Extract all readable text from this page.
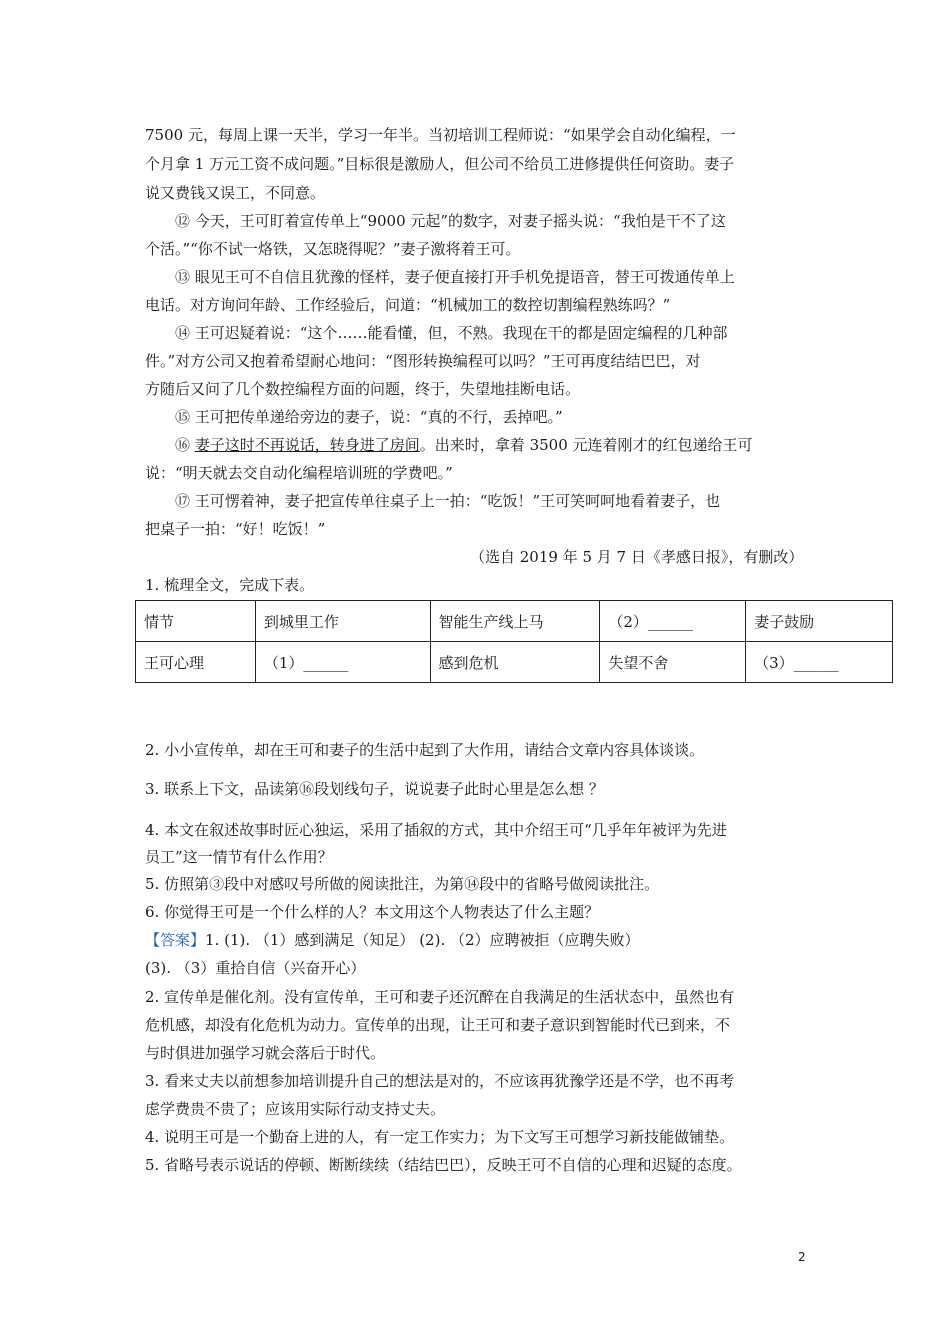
7500 元，每周上课一天半，学习一年半。当初培训工程师说：“如果学会自动化编程，一
个月拿 1 万元工资不成问题。”目标很是激励人，但公司不给员工进修提供任何资助。妻子
说又费钱又误工，不同意。
⑫ 今天，王可盯着宣传单上“9000 元起”的数字，对妻子摇头说：“我怕是干不了这
个活。”“你不试一烙铁，又怎晓得呢？”妻子激将着王可。
⑬ 眼见王可不自信且犹豫的怪样，妻子便直接打开手机免提语音，替王可拨通传单上
电话。对方询问年龄、工作经验后，问道：“机械加工的数控切割编程熟练吗？”
⑭ 王可迟疑着说：“这个……能看懂，但，不熟。我现在干的都是固定编程的几种部
件。”对方公司又抱着希望耐心地问：“图形转换编程可以吗？”王可再度结结巴巴，对
方随后又问了几个数控编程方面的问题，终于，失望地挂断电话。
⑮ 王可把传单递给旁边的妻子，说：“真的不行，丢掉吧。”
⑯ 妻子这时不再说话，转身进了房间。出来时，拿着 3500 元连着刚才的红包递给王可
说：“明天就去交自动化编程培训班的学费吧。”
⑰ 王可愣着神，妻子把宣传单往桌子上一拍：“吃饭！”王可笑呵呵地看着妻子，也
把桌子一拍：“好！吃饭！”
（选自 2019 年 5 月 7 日《孝感日报》，有删改）
1. 梳理全文，完成下表。
情节	到城里工作	智能生产线上马	（2）______	妻子鼓励
王可心理	（1）______	感到危机	失望不舍	（3）______
2. 小小宣传单，却在王可和妻子的生活中起到了大作用，请结合文章内容具体谈谈。
3. 联系上下文，品读第⑯段划线句子，说说妻子此时心里是怎么想 ？
4. 本文在叙述故事时匠心独运，采用了插叙的方式，其中介绍王可“几乎年年被评为先进
员工”这一情节有什么作用？
5. 仿照第③段中对感叹号所做的阅读批注，为第⑭段中的省略号做阅读批注。
6. 你觉得王可是一个什么样的人？本文用这个人物表达了什么主题？
【答案】1. (1). （1）感到满足（知足） (2). （2）应聘被拒（应聘失败）
(3). （3）重拾自信（兴奋开心）
2. 宣传单是催化剂。没有宣传单，王可和妻子还沉醉在自我满足的生活状态中，虽然也有
危机感，却没有化危机为动力。宣传单的出现，让王可和妻子意识到智能时代已到来，不
与时俱进加强学习就会落后于时代。
3. 看来丈夫以前想参加培训提升自己的想法是对的，不应该再犹豫学还是不学，也不再考
虑学费贵不贵了；应该用实际行动支持丈夫。
4. 说明王可是一个勤奋上进的人，有一定工作实力；为下文写王可想学习新技能做铺垫。
5. 省略号表示说话的停顿、断断续续（结结巴巴），反映王可不自信的心理和迟疑的态度。
2
